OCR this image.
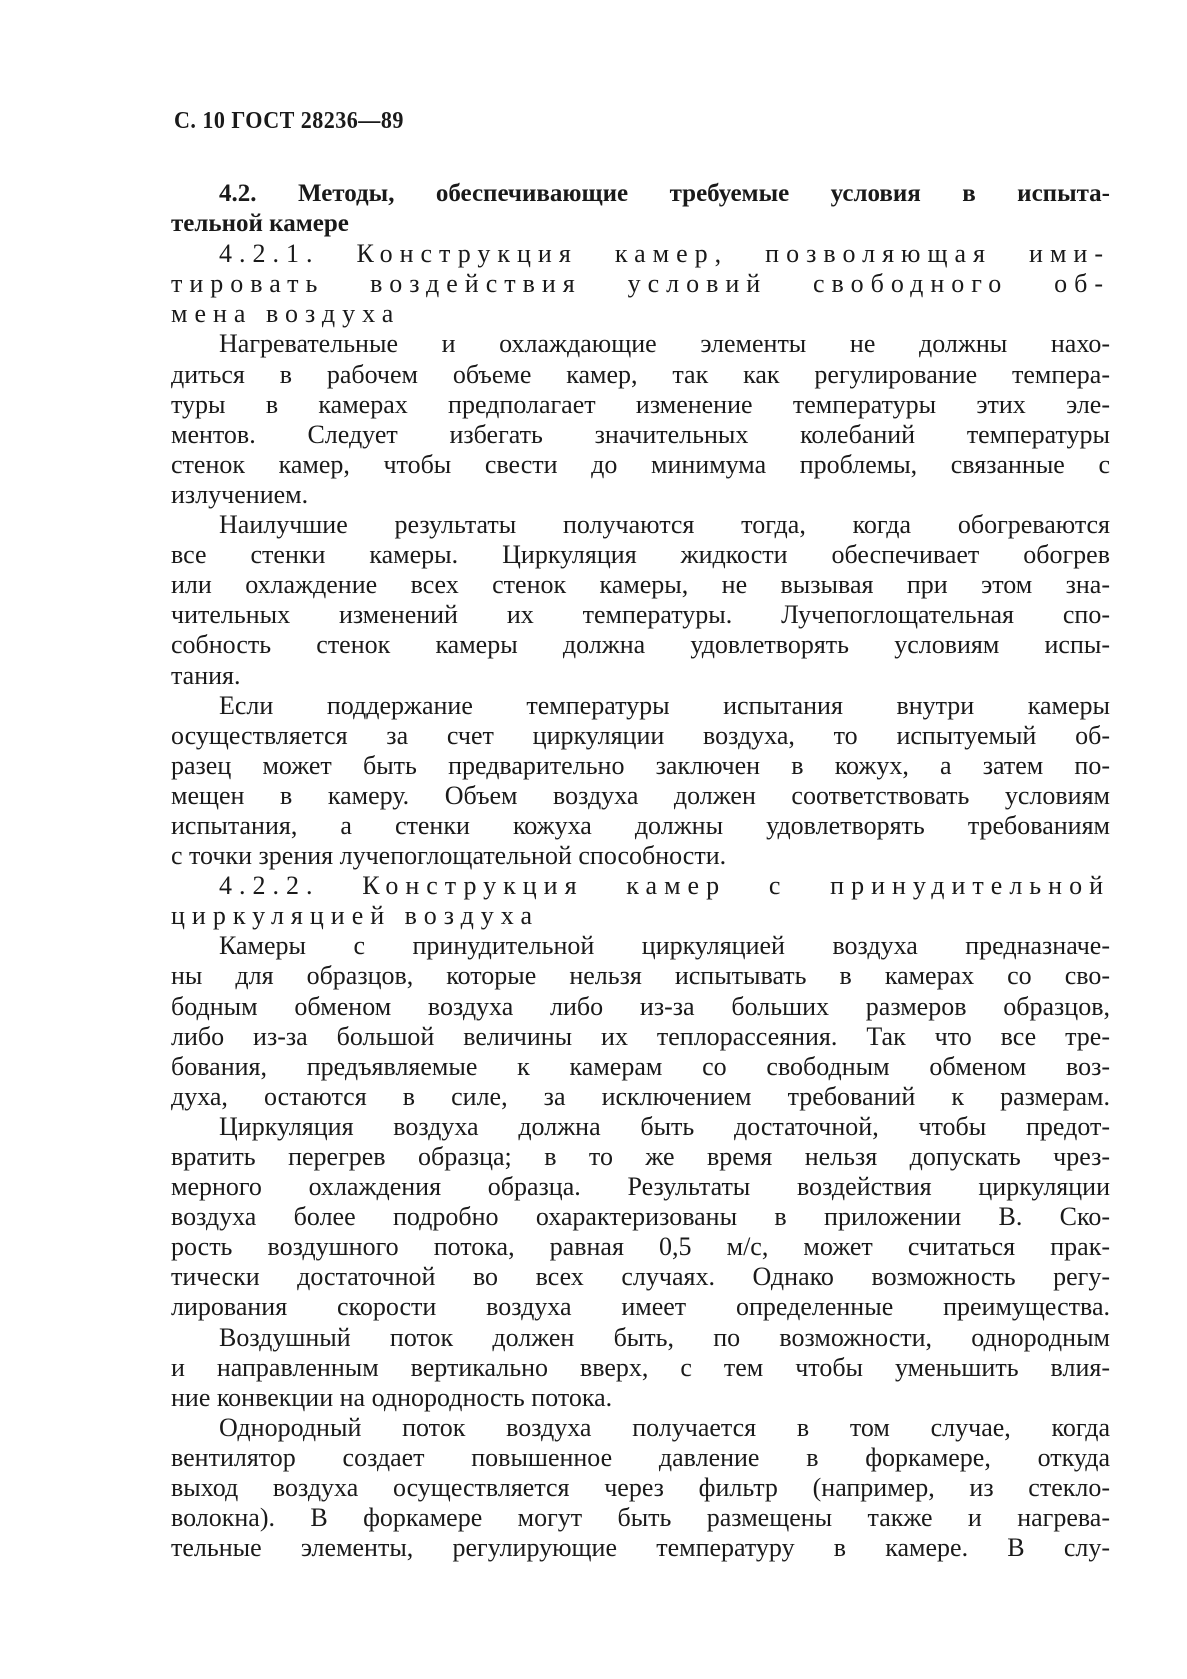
С. 10 ГОСТ 28236—89
4.2. Методы, обеспечивающие требуемые условия в испыта-
тельной камере
4.2.1. Конструкция камер, позволяющая ими-
тировать воздействия условий свободного об-
мена воздуха
Нагревательные и охлаждающие элементы не должны нахо-
диться в рабочем объеме камер, так как регулирование темпера-
туры в камерах предполагает изменение температуры этих эле-
ментов. Следует избегать значительных колебаний температуры
стенок камер, чтобы свести до минимума проблемы, связанные с
излучением.
Наилучшие результаты получаются тогда, когда обогреваются
все стенки камеры. Циркуляция жидкости обеспечивает обогрев
или охлаждение всех стенок камеры, не вызывая при этом зна-
чительных изменений их температуры. Лучепоглощательная спо-
собность стенок камеры должна удовлетворять условиям испы-
тания.
Если поддержание температуры испытания внутри камеры
осуществляется за счет циркуляции воздуха, то испытуемый об-
разец может быть предварительно заключен в кожух, а затем по-
мещен в камеру. Объем воздуха должен соответствовать условиям
испытания, а стенки кожуха должны удовлетворять требованиям
с точки зрения лучепоглощательной способности.
4.2.2. Конструкция камер с принудительной
циркуляцией воздуха
Камеры с принудительной циркуляцией воздуха предназначе-
ны для образцов, которые нельзя испытывать в камерах со сво-
бодным обменом воздуха либо из-за больших размеров образцов,
либо из-за большой величины их теплорассеяния. Так что все тре-
бования, предъявляемые к камерам со свободным обменом воз-
духа, остаются в силе, за исключением требований к размерам.
Циркуляция воздуха должна быть достаточной, чтобы предот-
вратить перегрев образца; в то же время нельзя допускать чрез-
мерного охлаждения образца. Результаты воздействия циркуляции
воздуха более подробно охарактеризованы в приложении В. Ско-
рость воздушного потока, равная 0,5 м/с, может считаться прак-
тически достаточной во всех случаях. Однако возможность регу-
лирования скорости воздуха имеет определенные преимущества.
Воздушный поток должен быть, по возможности, однородным
и направленным вертикально вверх, с тем чтобы уменьшить влия-
ние конвекции на однородность потока.
Однородный поток воздуха получается в том случае, когда
вентилятор создает повышенное давление в форкамере, откуда
выход воздуха осуществляется через фильтр (например, из стекло-
волокна). В форкамере могут быть размещены также и нагрева-
тельные элементы, регулирующие температуру в камере. В слу-
